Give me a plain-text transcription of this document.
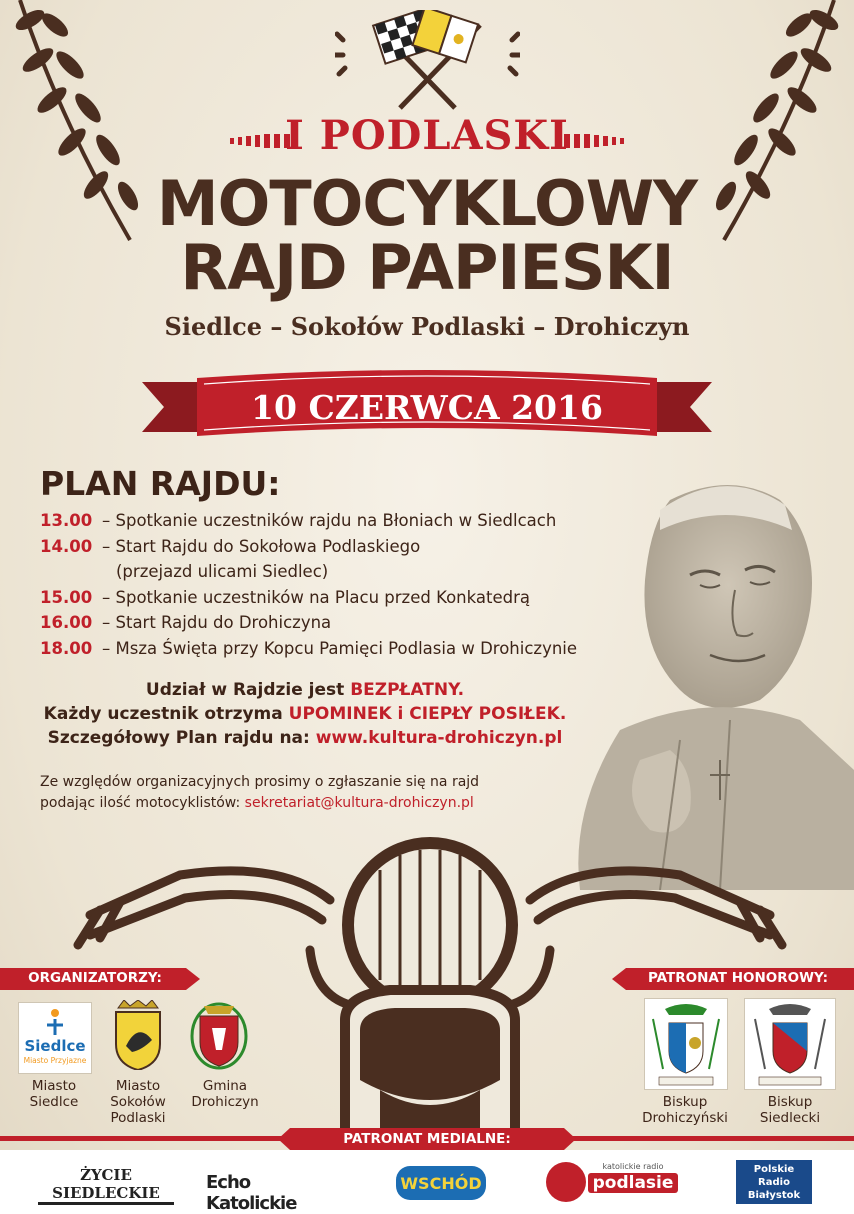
I PODLASKI
MOTOCYKLOWY
RAJD PAPIESKI
Siedlce – Sokołów Podlaski – Drohiczyn
10 CZERWCA 2016
PLAN RAJDU:
13.00 – Spotkanie uczestników rajdu na Błoniach w Siedlcach
14.00 – Start Rajdu do Sokołowa Podlaskiego
(przejazd ulicami Siedlec)
15.00 – Spotkanie uczestników na Placu przed Konkatedrą
16.00 – Start Rajdu do Drohiczyna
18.00 – Msza Święta przy Kopcu Pamięci Podlasia w Drohiczynie
Udział w Rajdzie jest BEZPŁATNY.
Każdy uczestnik otrzyma UPOMINEK i CIEPŁY POSIŁEK.
Szczegółowy Plan rajdu na: www.kultura-drohiczyn.pl
Ze względów organizacyjnych prosimy o zgłaszanie się na rajd
podając ilość motocyklistów: sekretariat@kultura-drohiczyn.pl
ORGANIZATORZY:
Siedlce
Miasto Przyjazne
Miasto
Siedlce
Miasto
Sokołów
Podlaski
Gmina
Drohiczyn
PATRONAT HONOROWY:
Biskup
Drohiczyński
Biskup
Siedlecki
PATRONAT MEDIALNE:
ŻYCIE SIEDLECKIE	Echo Katolickie
WSCHÓD
katolickie radio
podlasie
Polskie
Radio
Białystok
